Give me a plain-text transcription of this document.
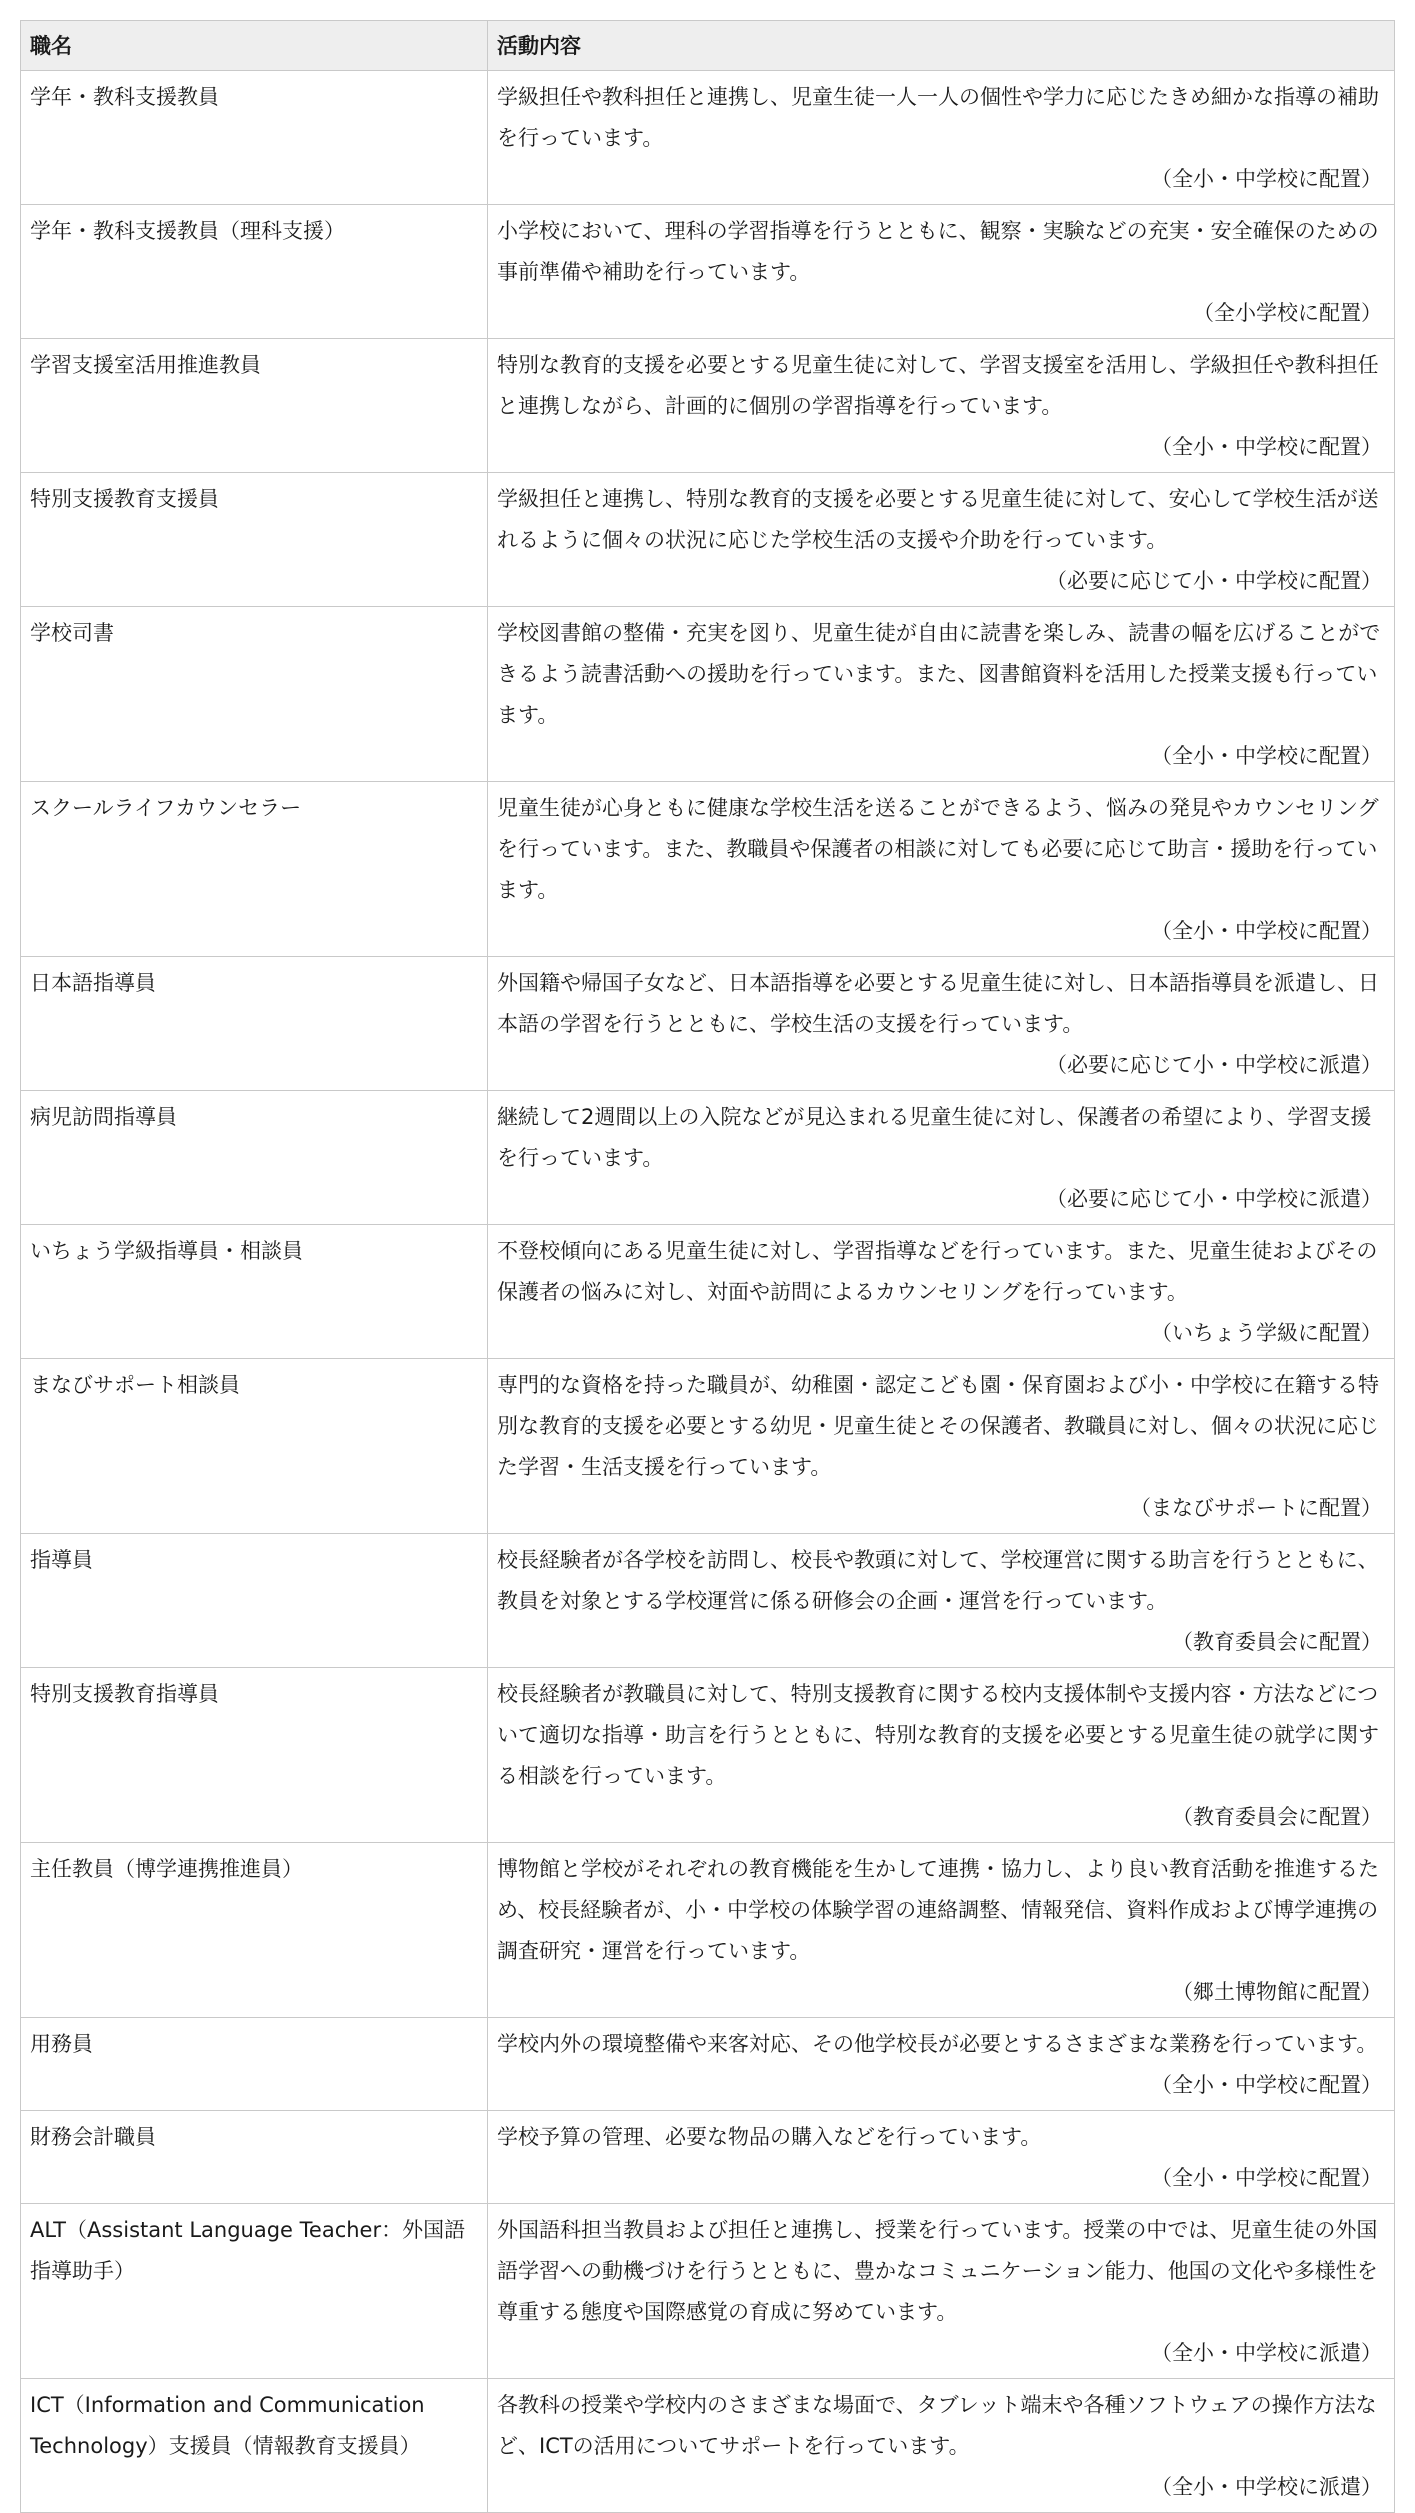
職名	活動内容
学年・教科支援教員	学級担任や教科担任と連携し、児童生徒一人一人の個性や学力に応じたきめ細かな指導の補助を行っています。
（全小・中学校に配置）

学年・教科支援教員（理科支援）	小学校において、理科の学習指導を行うとともに、観察・実験などの充実・安全確保のための事前準備や補助を行っています。
（全小学校に配置）

学習支援室活用推進教員	特別な教育的支援を必要とする児童生徒に対して、学習支援室を活用し、学級担任や教科担任と連携しながら、計画的に個別の学習指導を行っています。
（全小・中学校に配置）

特別支援教育支援員	学級担任と連携し、特別な教育的支援を必要とする児童生徒に対して、安心して学校生活が送れるように個々の状況に応じた学校生活の支援や介助を行っています。
（必要に応じて小・中学校に配置）

学校司書	学校図書館の整備・充実を図り、児童生徒が自由に読書を楽しみ、読書の幅を広げることができるよう読書活動への援助を行っています。また、図書館資料を活用した授業支援も行っています。
（全小・中学校に配置）

スクールライフカウンセラー	児童生徒が心身ともに健康な学校生活を送ることができるよう、悩みの発見やカウンセリングを行っています。また、教職員や保護者の相談に対しても必要に応じて助言・援助を行っています。
（全小・中学校に配置）

日本語指導員	外国籍や帰国子女など、日本語指導を必要とする児童生徒に対し、日本語指導員を派遣し、日本語の学習を行うとともに、学校生活の支援を行っています。
（必要に応じて小・中学校に派遣）

病児訪問指導員	継続して2週間以上の入院などが見込まれる児童生徒に対し、保護者の希望により、学習支援を行っています。
（必要に応じて小・中学校に派遣）

いちょう学級指導員・相談員	不登校傾向にある児童生徒に対し、学習指導などを行っています。また、児童生徒およびその保護者の悩みに対し、対面や訪問によるカウンセリングを行っています。
（いちょう学級に配置）

まなびサポート相談員	専門的な資格を持った職員が、幼稚園・認定こども園・保育園および小・中学校に在籍する特別な教育的支援を必要とする幼児・児童生徒とその保護者、教職員に対し、個々の状況に応じた学習・生活支援を行っています。
（まなびサポートに配置）

指導員	校長経験者が各学校を訪問し、校長や教頭に対して、学校運営に関する助言を行うとともに、教員を対象とする学校運営に係る研修会の企画・運営を行っています。
（教育委員会に配置）

特別支援教育指導員	校長経験者が教職員に対して、特別支援教育に関する校内支援体制や支援内容・方法などについて適切な指導・助言を行うとともに、特別な教育的支援を必要とする児童生徒の就学に関する相談を行っています。
（教育委員会に配置）

主任教員（博学連携推進員）	博物館と学校がそれぞれの教育機能を生かして連携・協力し、より良い教育活動を推進するため、校長経験者が、小・中学校の体験学習の連絡調整、情報発信、資料作成および博学連携の調査研究・運営を行っています。
（郷土博物館に配置）

用務員	学校内外の環境整備や来客対応、その他学校長が必要とするさまざまな業務を行っています。
（全小・中学校に配置）

財務会計職員	学校予算の管理、必要な物品の購入などを行っています。
（全小・中学校に配置）

ALT（Assistant Language Teacher：外国語指導助手）	外国語科担当教員および担任と連携し、授業を行っています。授業の中では、児童生徒の外国語学習への動機づけを行うとともに、豊かなコミュニケーション能力、他国の文化や多様性を尊重する態度や国際感覚の育成に努めています。
（全小・中学校に派遣）

ICT（Information and Communication Technology）支援員（情報教育支援員）	各教科の授業や学校内のさまざまな場面で、タブレット端末や各種ソフトウェアの操作方法など、ICTの活用についてサポートを行っています。
（全小・中学校に派遣）
